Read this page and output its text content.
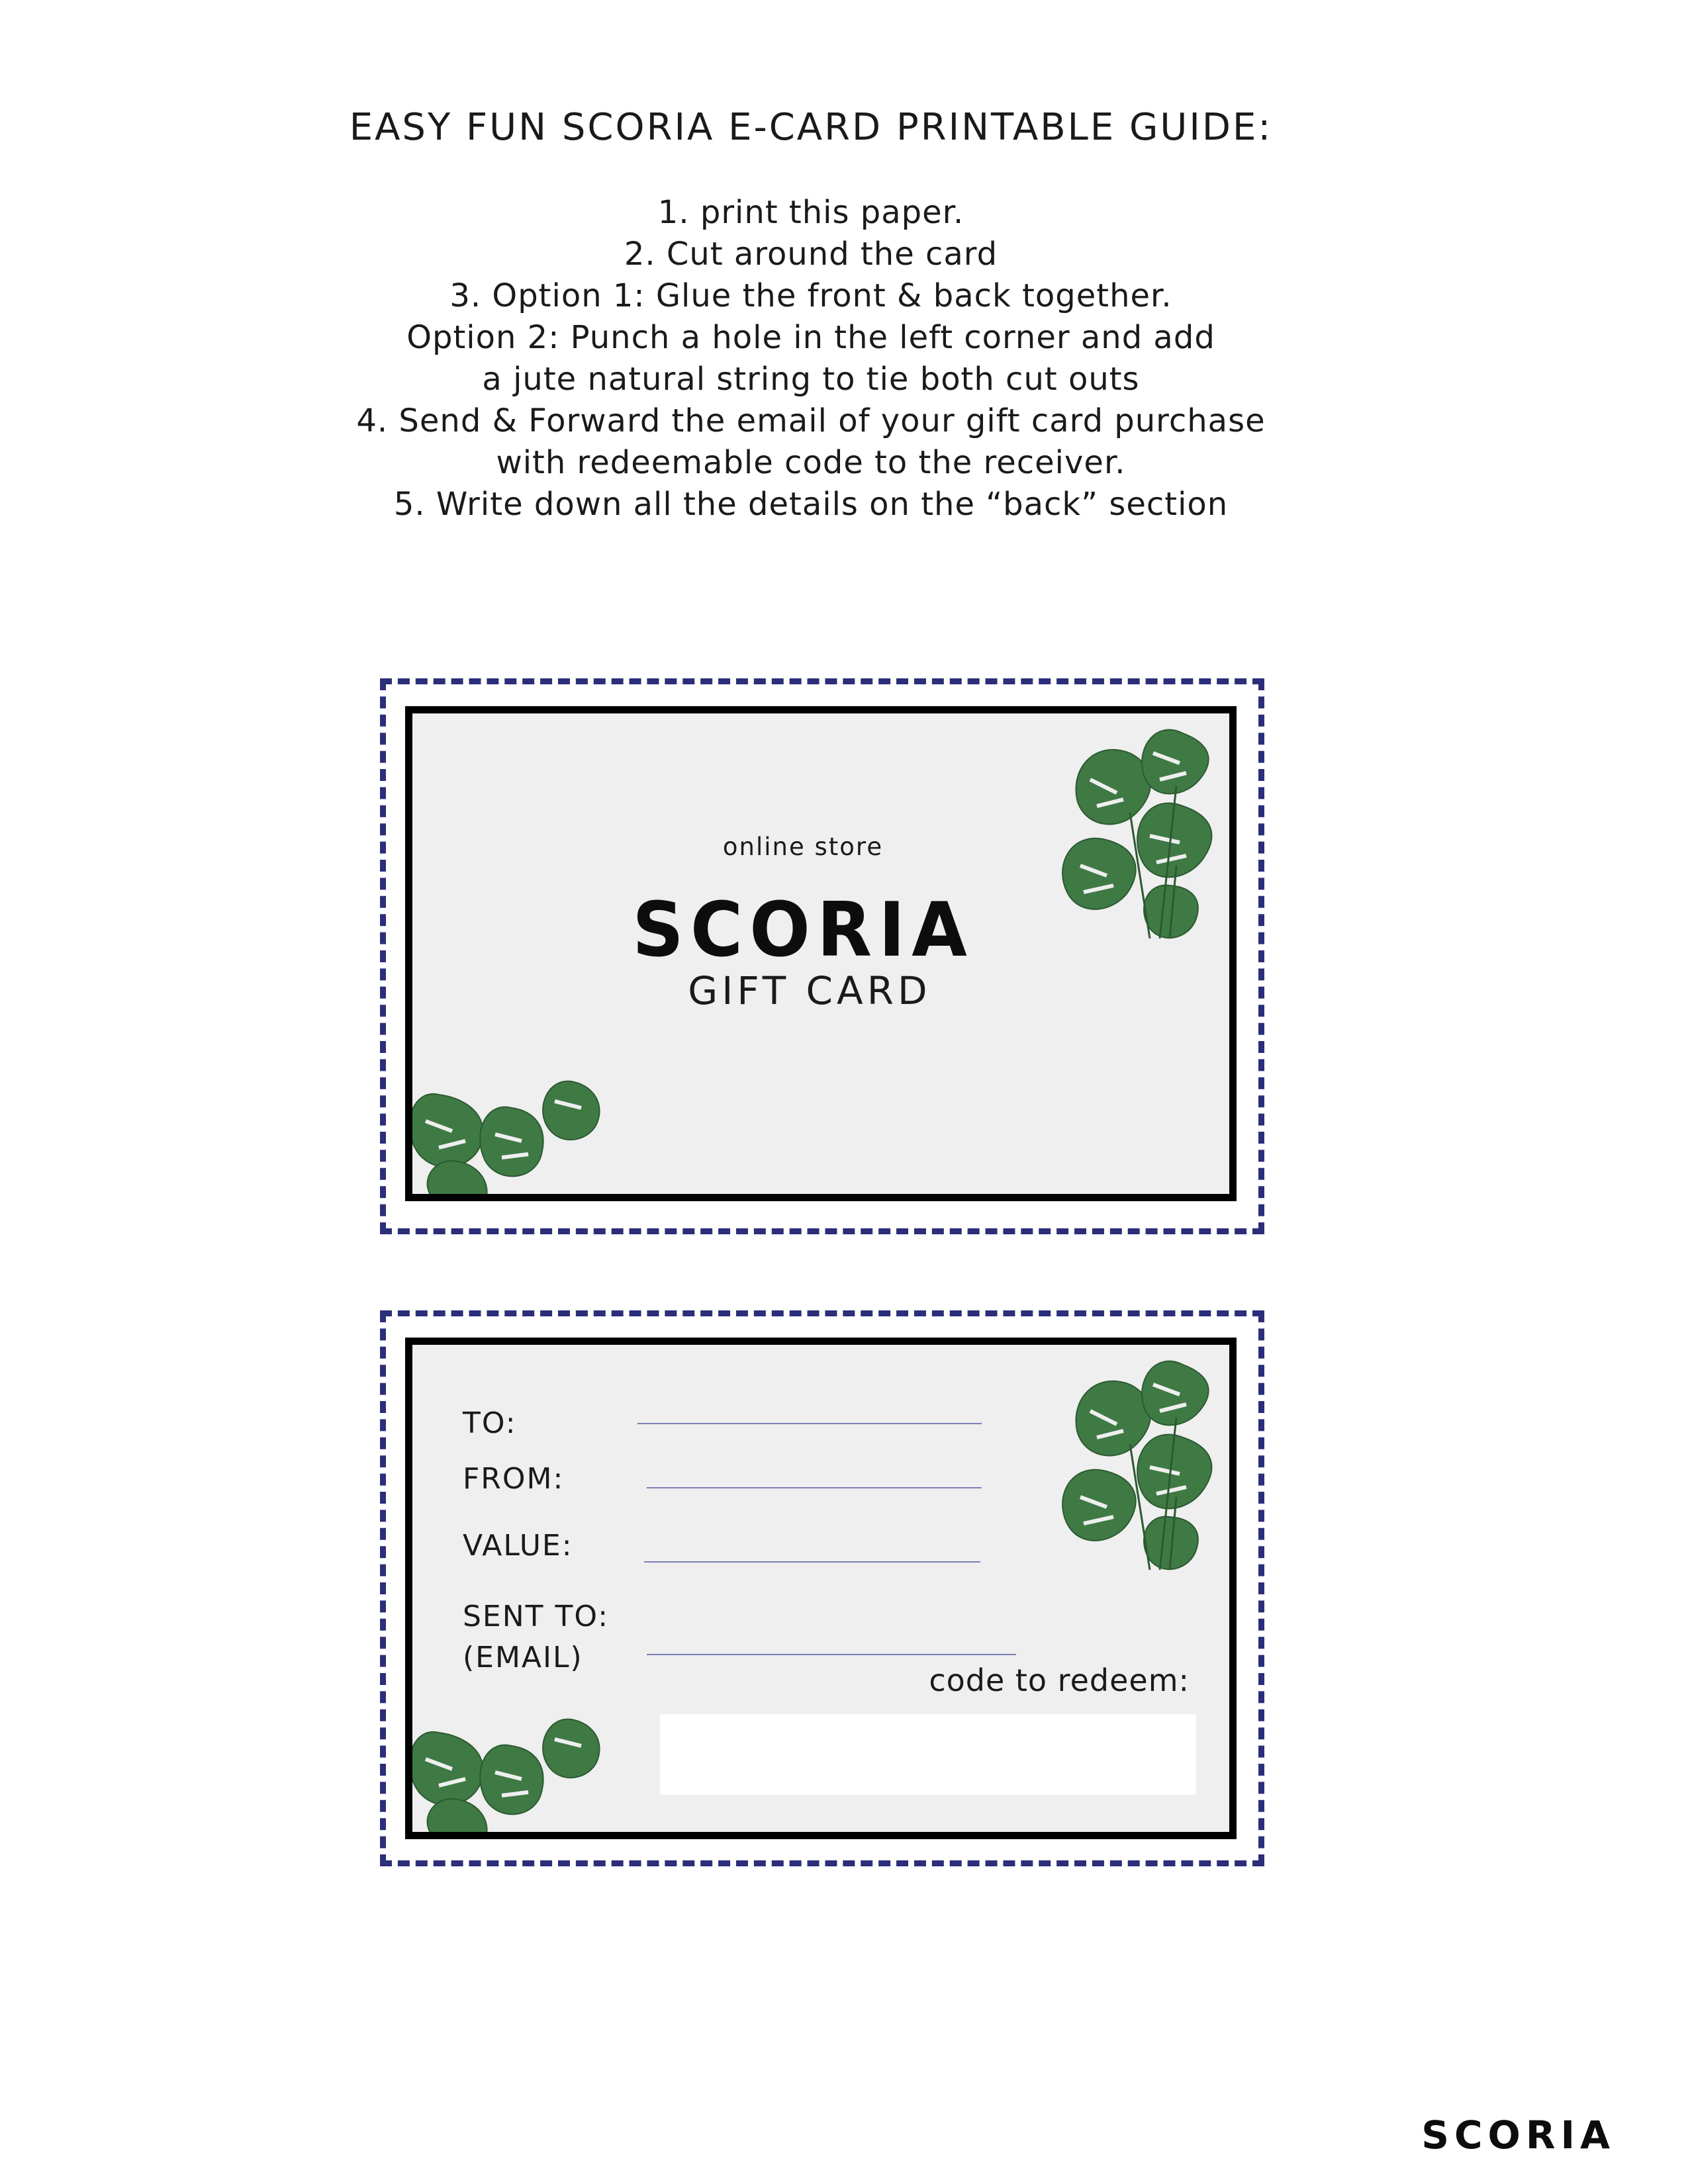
EASY FUN SCORIA E-CARD PRINTABLE GUIDE:
1. print this paper.
2. Cut around the card
3. Option 1: Glue the front & back together.
Option 2: Punch a hole in the left corner and add
a jute natural string to tie both cut outs
4. Send & Forward the email of your gift card purchase
with redeemable code to the receiver.
5. Write down all the details on the “back” section
online store
SCORIA
GIFT CARD
TO:
FROM:
VALUE:
SENT TO:
(EMAIL)
code to redeem:
SCORIA
